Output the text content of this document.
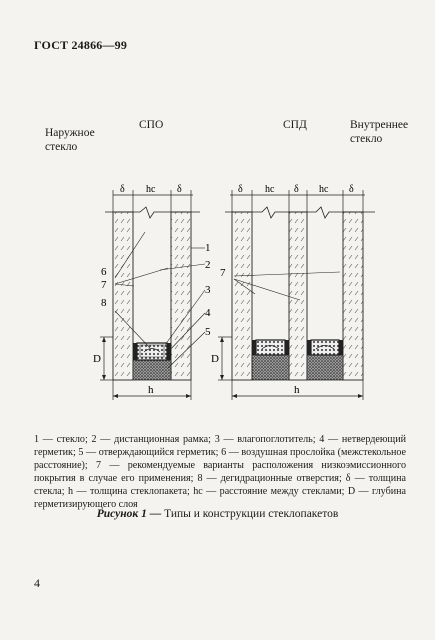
ГОСТ 24866—99
СПО	СПД
Наружное стекло
Внутреннее стекло
δ hc δ
h
D
δ hc δ hc δ
h
D
1
2
3
4
5
6
7
8
7
1 — стекло; 2 — дистанционная рамка; 3 — влагопоглотитель; 4 — нетвердеющий герметик; 5 — отверждающийся герметик; 6 — воздушная прослойка (межстекольное расстояние); 7 — рекомендуемые варианты расположения низкоэмиссионного покрытия в случае его применения; 8 — дегидрационные отверстия; δ — толщина стекла; h — толщина стеклопакета; hc — расстояние между стеклами; D — глубина герметизирующего слоя
Рисунок 1 — Типы и конструкции стеклопакетов
4
